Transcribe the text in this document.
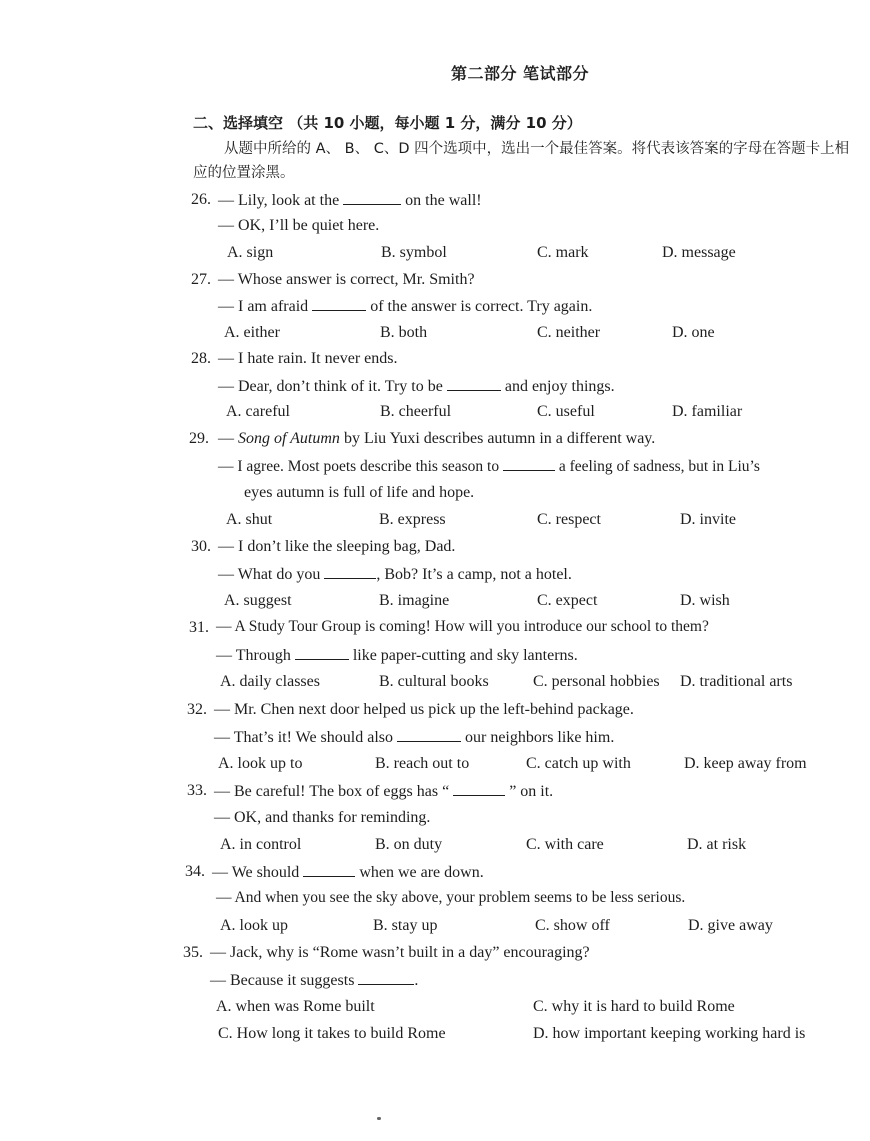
第二部分 笔试部分
二、选择填空 （共 10 小题，每小题 1 分，满分 10 分）
从题中所给的 A、 B、 C、D 四个选项中，选出一个最佳答案。将代表该答案的字母在答题卡上相应的位置涂黑。
26. — Lily, look at the	on the wall!
— OK, I’ll be quiet here.
A. sign	B. symbol	C. mark	D. message
27. — Whose answer is correct, Mr. Smith?
— I am afraid	of the answer is correct. Try again.
A. either	B. both	C. neither	D. one
28. — I hate rain. It never ends.
— Dear, don’t think of it. Try to be	and enjoy things.
A. careful	B. cheerful	C. useful	D. familiar
29. — Song of Autumn by Liu Yuxi describes autumn in a different way.
— I agree. Most poets describe this season to	a feeling of sadness, but in Liu’s
eyes autumn is full of life and hope.
A. shut	B. express	C. respect	D. invite
30. — I don’t like the sleeping bag, Dad.
— What do you	, Bob? It’s a camp, not a hotel.
A. suggest	B. imagine	C. expect	D. wish
31. — A Study Tour Group is coming! How will you introduce our school to them?
— Through	like paper-cutting and sky lanterns.
A. daily classes	B. cultural books	C. personal hobbies D. traditional arts
32. — Mr. Chen next door helped us pick up the left-behind package.
— That’s it! We should also	our neighbors like him.
A. look up to	B. reach out to	C. catch up with	D. keep away from
33. — Be careful! The box of eggs has “	” on it.
— OK, and thanks for reminding.
A. in control	B. on duty	C. with care	D. at risk
34. — We should	when we are down.
— And when you see the sky above, your problem seems to be less serious.
A. look up	B. stay up	C. show off	D. give away
35. — Jack, why is “Rome wasn’t built in a day” encouraging?
— Because it suggests	.
A. when was Rome built	C. why it is hard to build Rome
C. How long it takes to build Rome	D. how important keeping working hard is
